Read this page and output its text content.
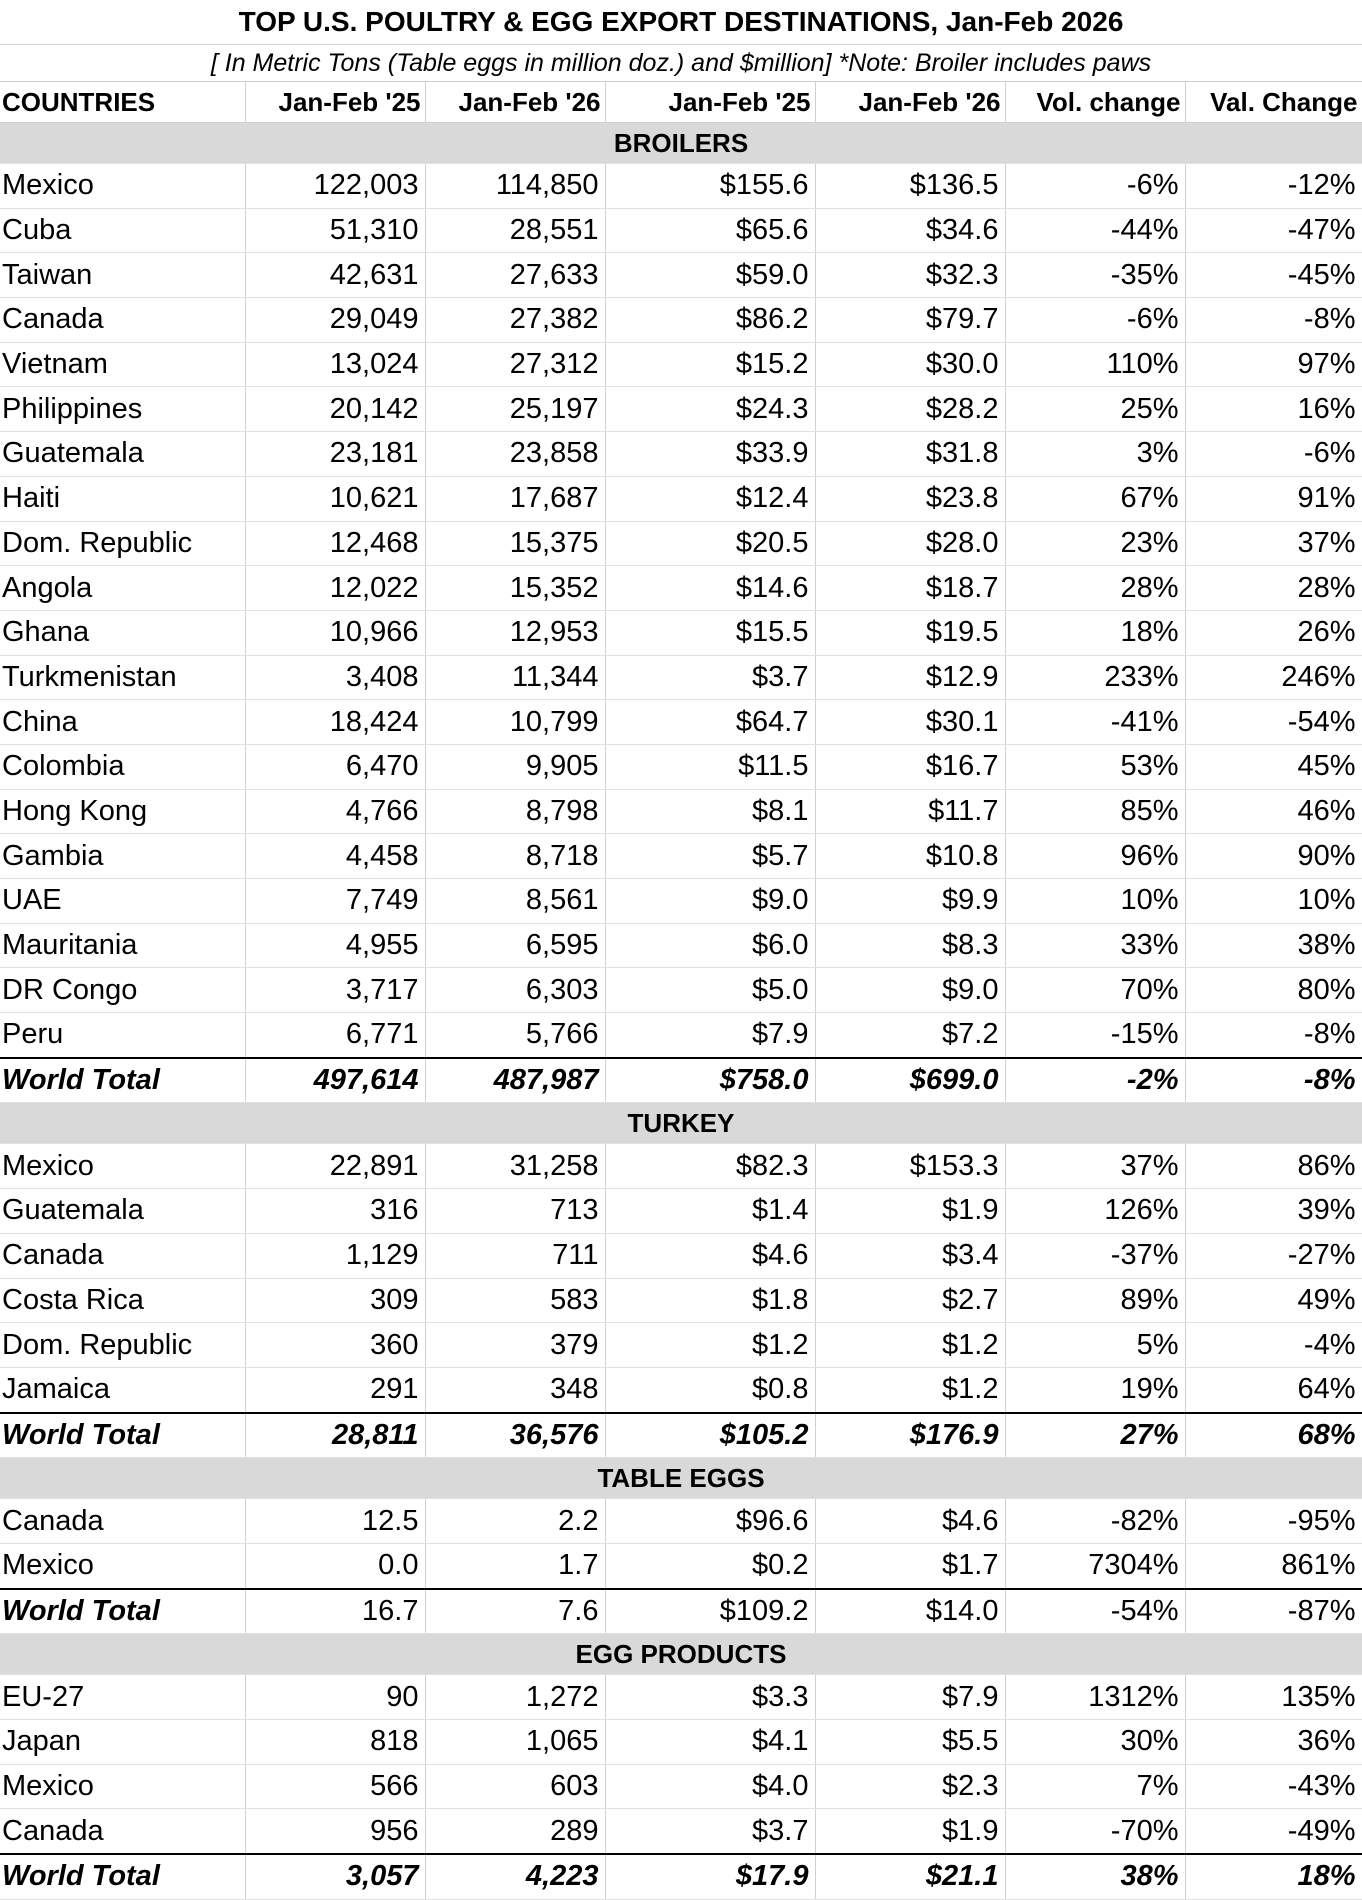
TOP U.S. POULTRY & EGG EXPORT DESTINATIONS, Jan-Feb 2026
[ In Metric Tons (Table eggs in million doz.) and $million] *Note: Broiler includes paws
COUNTRIES	Jan-Feb '25	Jan-Feb '26	Jan-Feb '25	Jan-Feb '26	Vol. change	Val. Change
BROILERS						
Mexico	122,003	114,850	$155.6	$136.5	-6%	-12%
Cuba	51,310	28,551	$65.6	$34.6	-44%	-47%
Taiwan	42,631	27,633	$59.0	$32.3	-35%	-45%
Canada	29,049	27,382	$86.2	$79.7	-6%	-8%
Vietnam	13,024	27,312	$15.2	$30.0	110%	97%
Philippines	20,142	25,197	$24.3	$28.2	25%	16%
Guatemala	23,181	23,858	$33.9	$31.8	3%	-6%
Haiti	10,621	17,687	$12.4	$23.8	67%	91%
Dom. Republic	12,468	15,375	$20.5	$28.0	23%	37%
Angola	12,022	15,352	$14.6	$18.7	28%	28%
Ghana	10,966	12,953	$15.5	$19.5	18%	26%
Turkmenistan	3,408	11,344	$3.7	$12.9	233%	246%
China	18,424	10,799	$64.7	$30.1	-41%	-54%
Colombia	6,470	9,905	$11.5	$16.7	53%	45%
Hong Kong	4,766	8,798	$8.1	$11.7	85%	46%
Gambia	4,458	8,718	$5.7	$10.8	96%	90%
UAE	7,749	8,561	$9.0	$9.9	10%	10%
Mauritania	4,955	6,595	$6.0	$8.3	33%	38%
DR Congo	3,717	6,303	$5.0	$9.0	70%	80%
Peru	6,771	5,766	$7.9	$7.2	-15%	-8%
World Total	497,614	487,987	$758.0	$699.0	-2%	-8%
TURKEY						
Mexico	22,891	31,258	$82.3	$153.3	37%	86%
Guatemala	316	713	$1.4	$1.9	126%	39%
Canada	1,129	711	$4.6	$3.4	-37%	-27%
Costa Rica	309	583	$1.8	$2.7	89%	49%
Dom. Republic	360	379	$1.2	$1.2	5%	-4%
Jamaica	291	348	$0.8	$1.2	19%	64%
World Total	28,811	36,576	$105.2	$176.9	27%	68%
TABLE EGGS						
Canada	12.5	2.2	$96.6	$4.6	-82%	-95%
Mexico	0.0	1.7	$0.2	$1.7	7304%	861%
World Total	16.7	7.6	$109.2	$14.0	-54%	-87%
EGG PRODUCTS						
EU-27	90	1,272	$3.3	$7.9	1312%	135%
Japan	818	1,065	$4.1	$5.5	30%	36%
Mexico	566	603	$4.0	$2.3	7%	-43%
Canada	956	289	$3.7	$1.9	-70%	-49%
World Total	3,057	4,223	$17.9	$21.1	38%	18%
